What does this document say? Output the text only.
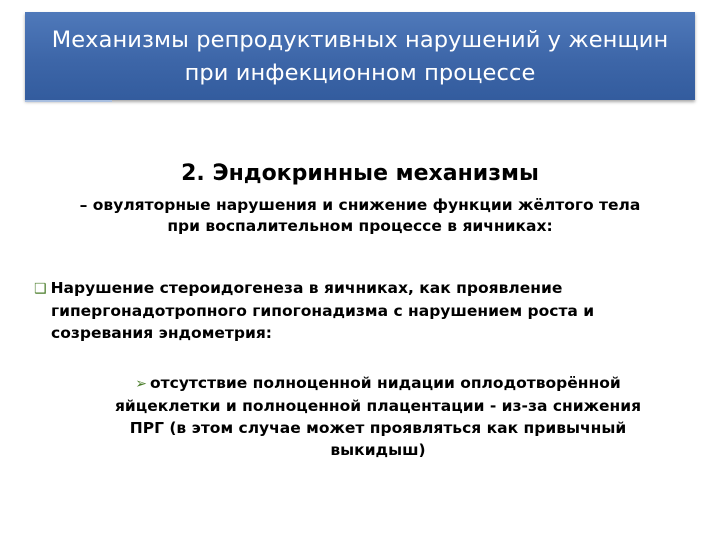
Механизмы репродуктивных нарушений у женщин
при инфекционном процессе
2. Эндокринные механизмы
– овуляторные нарушения и снижение функции жёлтого тела
при воспалительном процессе в яичниках:
❑ Нарушение стероидогенеза в яичниках, как проявление
гипергонадотропного гипогонадизма с нарушением роста и
созревания эндометрия:
➢ отсутствие полноценной нидации оплодотворённой
яйцеклетки и полноценной плацентации - из-за снижения
ПРГ (в этом случае может проявляться как привычный
выкидыш)
